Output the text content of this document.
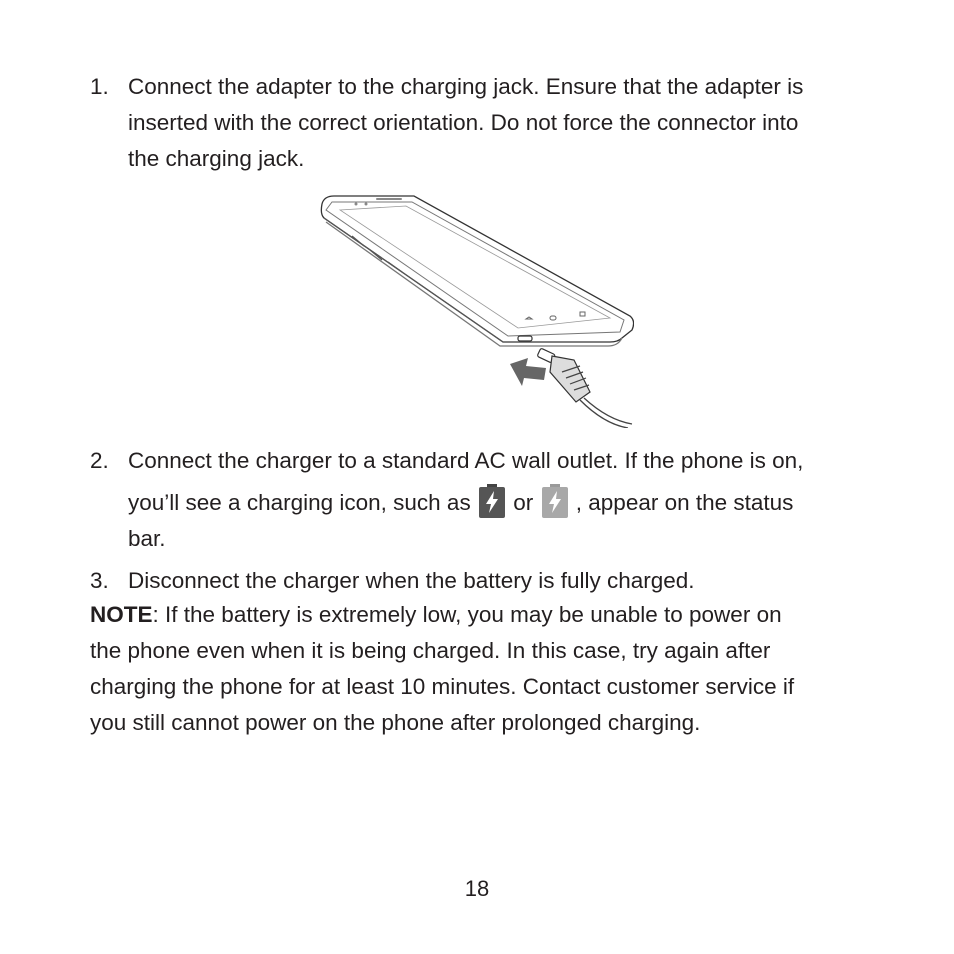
1. Connect the adapter to the charging jack. Ensure that the adapter is
inserted with the correct orientation. Do not force the connector into
the charging jack.
2. Connect the charger to a standard AC wall outlet. If the phone is on,
you’ll see a charging icon, such as or , appear on the status
bar.
3. Disconnect the charger when the battery is fully charged.
NOTE: If the battery is extremely low, you may be unable to power on
the phone even when it is being charged. In this case, try again after
charging the phone for at least 10 minutes. Contact customer service if
you still cannot power on the phone after prolonged charging.
18
